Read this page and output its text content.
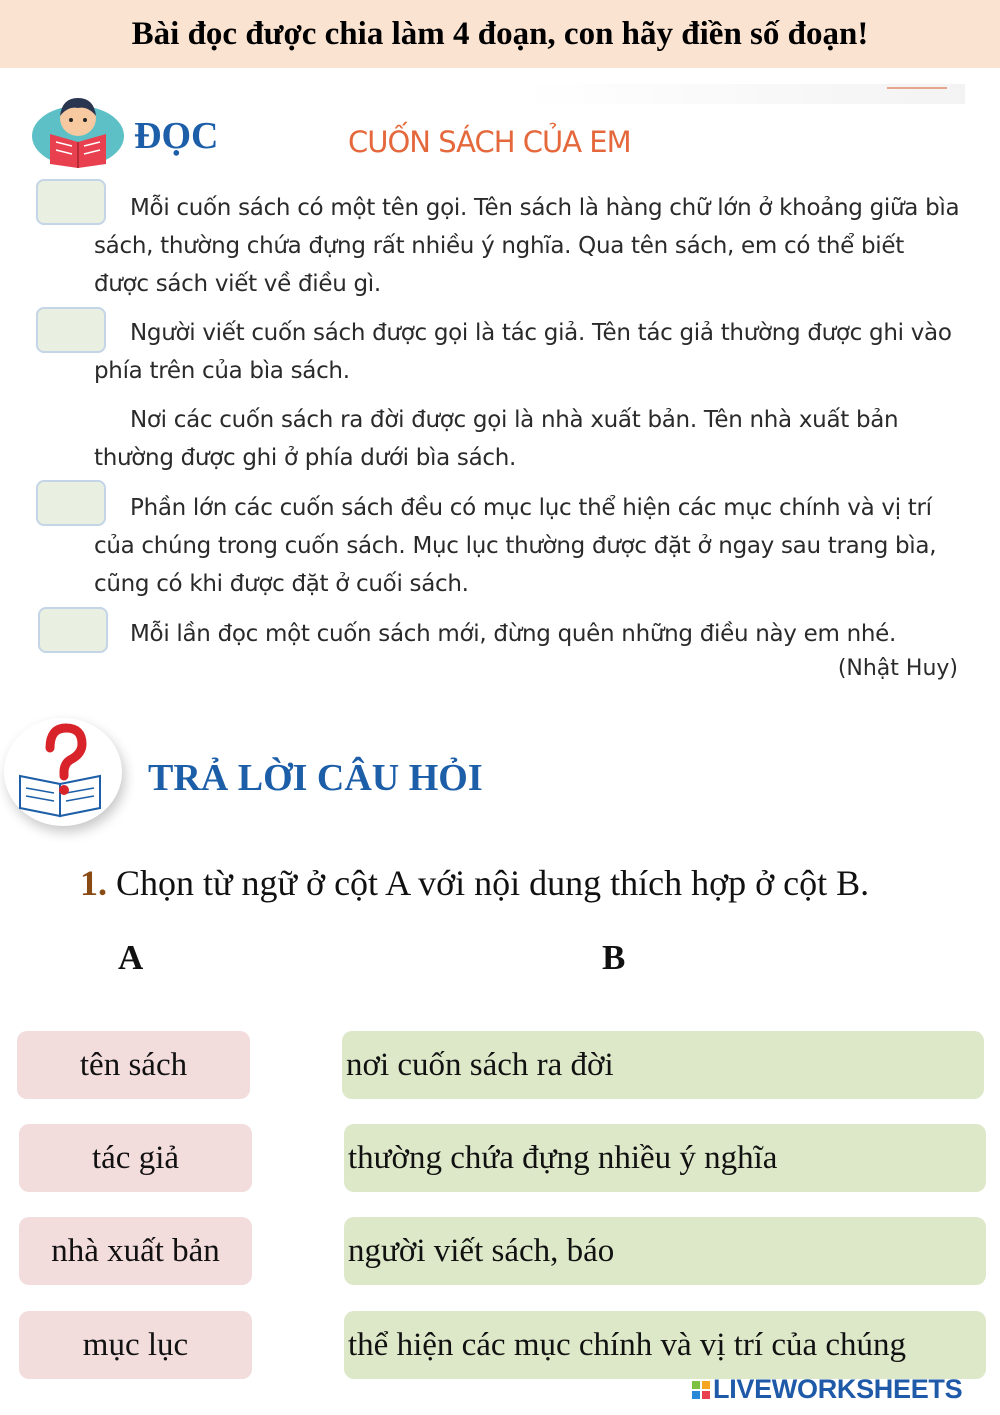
Bài đọc được chia làm 4 đoạn, con hãy điền số đoạn!
ĐỌC	CUỐN SÁCH CỦA EM
Mỗi cuốn sách có một tên gọi. Tên sách là hàng chữ lớn ở khoảng giữa bìa sách, thường chứa đựng rất nhiều ý nghĩa. Qua tên sách, em có thể biết được sách viết về điều gì.
Người viết cuốn sách được gọi là tác giả. Tên tác giả thường được ghi vào phía trên của bìa sách.
Nơi các cuốn sách ra đời được gọi là nhà xuất bản. Tên nhà xuất bản thường được ghi ở phía dưới bìa sách.
Phần lớn các cuốn sách đều có mục lục thể hiện các mục chính và vị trí của chúng trong cuốn sách. Mục lục thường được đặt ở ngay sau trang bìa, cũng có khi được đặt ở cuối sách.
Mỗi lần đọc một cuốn sách mới, đừng quên những điều này em nhé.
(Nhật Huy)
TRẢ LỜI CÂU HỎI
1. Chọn từ ngữ ở cột A với nội dung thích hợp ở cột B.
A	B
tên sách
tác giả
nhà xuất bản
mục lục
nơi cuốn sách ra đời
thường chứa đựng nhiều ý nghĩa
người viết sách, báo
thể hiện các mục chính và vị trí của chúng
LIVEWORKSHEETS
